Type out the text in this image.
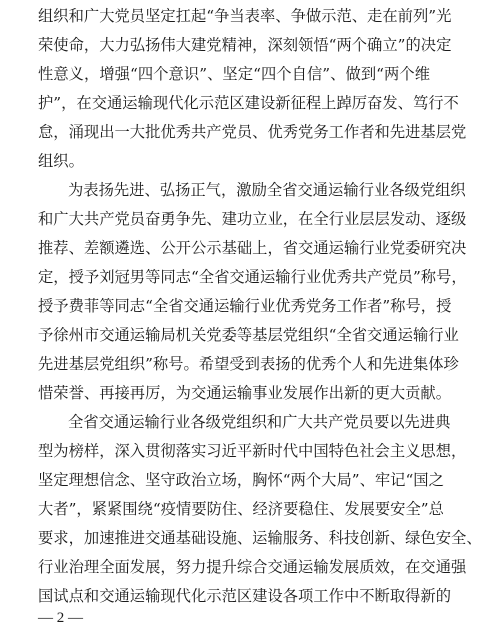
组织和广大党员坚定扛起“争当表率、争做示范、走在前列”光
荣使命，大力弘扬伟大建党精神，深刻领悟“两个确立”的决定
性意义，增强“四个意识”、坚定“四个自信”、做到“两个维
护”，在交通运输现代化示范区建设新征程上踔厉奋发、笃行不
怠，涌现出一大批优秀共产党员、优秀党务工作者和先进基层党
组织。
为表扬先进、弘扬正气，激励全省交通运输行业各级党组织
和广大共产党员奋勇争先、建功立业，在全行业层层发动、逐级
推荐、差额遴选、公开公示基础上，省交通运输行业党委研究决
定，授予刘冠男等同志“全省交通运输行业优秀共产党员”称号，
授予费菲等同志“全省交通运输行业优秀党务工作者”称号，授
予徐州市交通运输局机关党委等基层党组织“全省交通运输行业
先进基层党组织”称号。希望受到表扬的优秀个人和先进集体珍
惜荣誉、再接再厉，为交通运输事业发展作出新的更大贡献。
全省交通运输行业各级党组织和广大共产党员要以先进典
型为榜样，深入贯彻落实习近平新时代中国特色社会主义思想，
坚定理想信念、坚守政治立场，胸怀“两个大局”、牢记“国之
大者”，紧紧围绕“疫情要防住、经济要稳住、发展要安全”总
要求，加速推进交通基础设施、运输服务、科技创新、绿色安全、
行业治理全面发展，努力提升综合交通运输发展质效，在交通强
国试点和交通运输现代化示范区建设各项工作中不断取得新的
— 2 —
